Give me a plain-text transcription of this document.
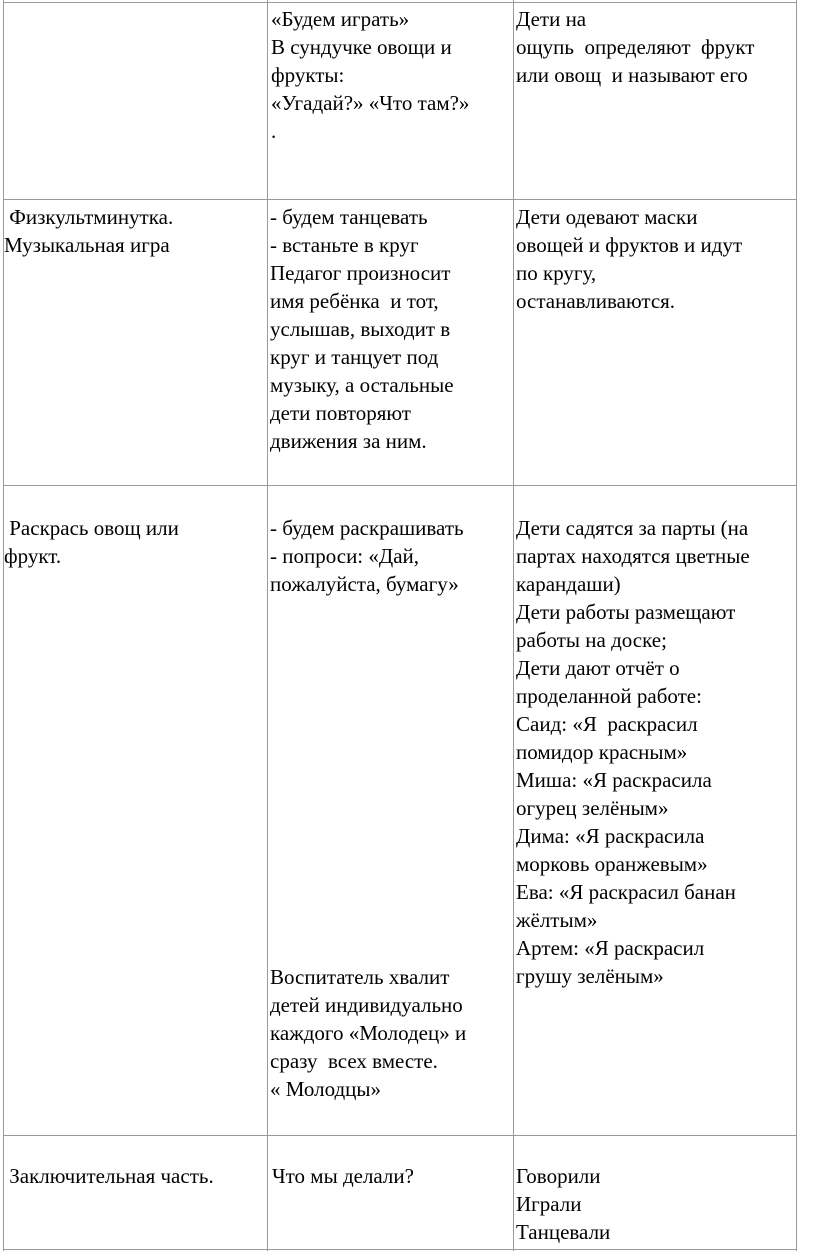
«Будем играть»
В сундучке овощи и
фрукты:
«Угадай?» «Что там?»
.
Дети на
ощупь  определяют  фрукт
или овощ  и называют его
Физкультминутка.
Музыкальная игра
- будем танцевать
- встаньте в круг
Педагог произносит
имя ребёнка  и тот,
услышав, выходит в
круг и танцует под
музыку, а остальные
дети повторяют
движения за ним.
Дети одевают маски
овощей и фруктов и идут
по кругу,
останавливаются.
Раскрась овощ или
фрукт.
- будем раскрашивать
- попроси: «Дай,
пожалуйста, бумагу»
Воспитатель хвалит
детей индивидуально
каждого «Молодец» и
сразу  всех вместе.
« Молодцы»
Дети садятся за парты (на
партах находятся цветные
карандаши)
Дети работы размещают
работы на доске;
Дети дают отчёт о
проделанной работе:
Саид: «Я  раскрасил
помидор красным»
Миша: «Я раскрасила
огурец зелёным»
Дима: «Я раскрасила
морковь оранжевым»
Ева: «Я раскрасил банан
жёлтым»
Артем: «Я раскрасил
грушу зелёным»
Заключительная часть.	Что мы делали?	Говорили
Играли
Танцевали
